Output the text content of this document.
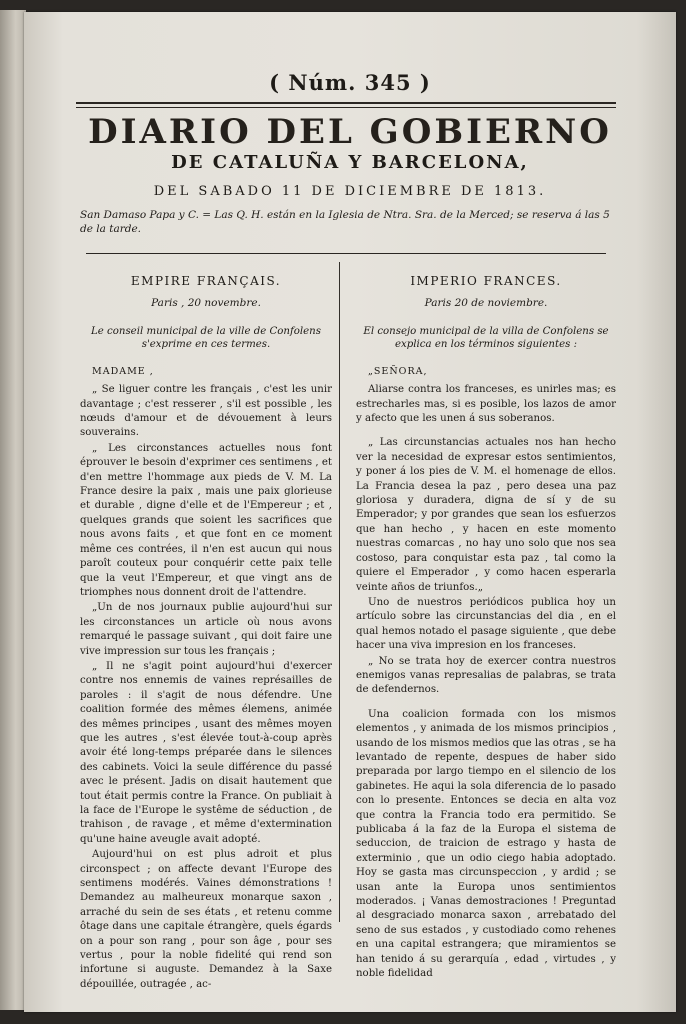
( Núm. 345 )
DIARIO DEL GOBIERNO
DE CATALUÑA Y BARCELONA,
DEL SABADO 11 DE DICIEMBRE DE 1813.
San Damaso Papa y C. = Las Q. H. están en la Iglesia de Ntra. Sra. de la Merced; se reserva á las 5 de la tarde.
EMPIRE FRANÇAIS.
Paris , 20 novembre.
Le conseil municipal de la ville de Confolens s'exprime en ces termes.
MADAME ,

„ Se liguer contre les français , c'est les unir davantage ; c'est resserer , s'il est possible , les nœuds d'amour et de dévouement à leurs souverains.

„ Les circonstances actuelles nous font éprouver le besoin d'exprimer ces sentimens , et d'en mettre l'hommage aux pieds de V. M. La France desire la paix , mais une paix glorieuse et durable , digne d'elle et de l'Empereur ; et , quelques grands que soient les sacrifices que nous avons faits , et que font en ce moment même ces contrées, il n'en est aucun qui nous paroît couteux pour conquérir cette paix telle que la veut l'Empereur, et que vingt ans de triomphes nous donnent droit de l'attendre.

„Un de nos journaux publie aujourd'hui sur les circonstances un article où nous avons remarqué le passage suivant , qui doit faire une vive impression sur tous les français ;

„ Il ne s'agit point aujourd'hui d'exercer contre nos ennemis de vaines représailles de paroles : il s'agit de nous défendre. Une coalition formée des mêmes élemens, animée des mêmes principes , usant des mêmes moyen que les autres , s'est élevée tout-à-coup après avoir été long-temps préparée dans le silences des cabinets. Voici la seule différence du passé avec le présent. Jadis on disait hautement que tout était permis contre la France. On publiait à la face de l'Europe le systême de séduction , de trahison , de ravage , et même d'extermination qu'une haine aveugle avait adopté.

Aujourd'hui on est plus adroit et plus circonspect ; on affecte devant l'Europe des sentimens modérés. Vaines démonstrations ! Demandez au malheureux monarque saxon , arraché du sein de ses états , et retenu comme ôtage dans une capitale étrangère, quels égards on a pour son rang , pour son âge , pour ses vertus , pour la noble fidelité qui rend son infortune si auguste. Demandez à la Saxe dépouillée, outragée , ac-

IMPERIO FRANCES.
Paris 20 de noviembre.
El consejo municipal de la villa de Confolens se explica en los términos siguientes :
„SEÑORA,

Aliarse contra los franceses, es unirles mas; es estrecharles mas, si es posible, los lazos de amor y afecto que les unen á sus soberanos.

„ Las circunstancias actuales nos han hecho ver la necesidad de expresar estos sentimientos, y poner á los pies de V. M. el homenage de ellos. La Francia desea la paz , pero desea una paz gloriosa y duradera, digna de sí y de su Emperador; y por grandes que sean los esfuerzos que han hecho , y hacen en este momento nuestras comarcas , no hay uno solo que nos sea costoso, para conquistar esta paz , tal como la quiere el Emperador , y como hacen esperarla veinte años de triunfos.„

Uno de nuestros periódicos publica hoy un artículo sobre las circunstancias del dia , en el qual hemos notado el pasage siguiente , que debe hacer una viva impresion en los franceses.

„ No se trata hoy de exercer contra nuestros enemigos vanas represalias de palabras, se trata de defendernos.

Una coalicion formada con los mismos elementos , y animada de los mismos principios , usando de los mismos medios que las otras , se ha levantado de repente, despues de haber sido preparada por largo tiempo en el silencio de los gabinetes. He aqui la sola diferencia de lo pasado con lo presente. Entonces se decia en alta voz que contra la Francia todo era permitido. Se publicaba á la faz de la Europa el sistema de seduccion, de traicion de estrago y hasta de exterminio , que un odio ciego habia adoptado. Hoy se gasta mas circunspeccion , y ardid ; se usan ante la Europa unos sentimientos moderados. ¡ Vanas demostraciones ! Preguntad al desgraciado monarca saxon , arrebatado del seno de sus estados , y custodiado como rehenes en una capital estrangera; que miramientos se han tenido á su gerarquía , edad , virtudes , y noble fidelidad
